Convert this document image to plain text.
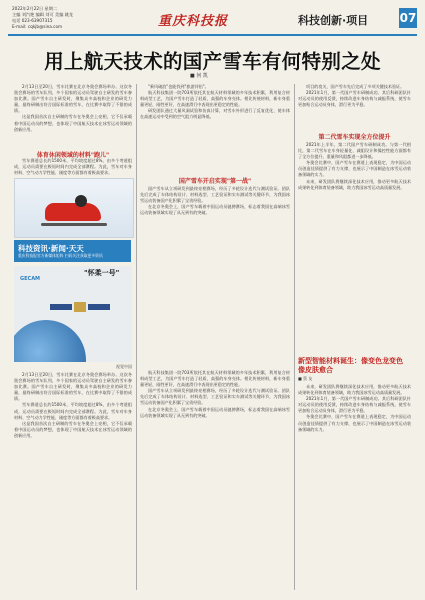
2022年2月22日 星期二
主编 刘汽艳 编辑 刘可 美编 姚龙
电话 023-63907315
E-mail: cqkjb@sina.com	重庆科技报	科技创新·项目	07
用上航天技术的国产雪车有何特别之处
■ 何 凯

2月13日至20日，雪车比赛在北京冬奥会赛场举办。这次冬奥会赛场的雪车队列，多个国家的运动员驾驶自主研发的雪车参加比赛。国产雪车自主研发时，聚集众多高校和企业的研发力量，最终研制出符合国际标准的雪车，在比赛中取得了不错的成绩。

这是我国首次自主研制的雪车在冬奥会上亮相，它不仅承载着中国运动员的梦想，也体现了中国航天技术在冰雪运动领域的创新应用。

体育休闲领域的材料"跑儿"

雪车赛道总长约1500米，平均坡度超过8%，由多个弯道组成，运动员需要在极短时间内完成全部赛程。为此，雪车对车身材料、空气动力学性能、刚度等方面都有着极高要求。

科技资讯·新闻·天天
重庆科技报官方新媒体矩阵 扫码关注获取更多资讯
GECAM
"怀柔一号"
视觉中国

"乘风破浪"也能找到"旅游伴侣"。

航天科技集团一院703所依托其在航天材料领域的多年技术积累，利用复合材料成型工艺，为国产雪车打造了轻质、高强的车身壳体。相比传统材料，新车身重量更轻，刚性更好，在高速滑行中表现出更稳定的性能。

研发团队通过大量风洞试验和仿真计算，对雪车外形进行了反复优化，使车体在高速运动中受到的空气阻力明显降低。

国产雪车开启实现"第一战"

国产雪车从立项研发到最终亮相赛场，经历了多轮设计迭代与测试验证。团队先后完成了车体结构设计、材料选型、工艺验证和实车测试等关键环节，为我国冰雪运动装备国产化积累了宝贵经验。

在北京冬奥会上，国产雪车载着中国运动员驰骋赛场，标志着我国在高端冰雪运动装备领域实现了从无到有的突破。

航天科技集团一院703所依托其在航天材料领域的多年技术积累，利用复合材料成型工艺，为国产雪车打造了轻质、高强的车身壳体。相比传统材料，新车身重量更轻，刚性更好，在高速滑行中表现出更稳定的性能。

国产雪车从立项研发到最终亮相赛场，经历了多轮设计迭代与测试验证。团队先后完成了车体结构设计、材料选型、工艺验证和实车测试等关键环节，为我国冰雪运动装备国产化积累了宝贵经验。

在北京冬奥会上，国产雪车载着中国运动员驰骋赛场，标志着我国在高端冰雪运动装备领域实现了从无到有的突破。

项目的攻关，国产雪车先后完成了多项关键技术验证。

2021年1月，第一代国产雪车研制成功。其后科研团队针对运动员的使用反馈，持续改进车身结构与减振系统，使雪车更加贴合运动员身体，滑行更为平稳。

第二代雪车实现全方位提升

2021年上半年，第二代国产雪车研制成功。与第一代相比，第二代雪车在车身轻量化、减阻设计和操控性能方面都有了全方位提升，重量和风阻都进一步降低。

冬奥会比赛中，国产雪车在赛道上表现稳定，为中国运动员创造佳绩提供了有力支撑，也展示了中国制造在冰雪运动装备领域的实力。

未来，研发团队将继续深化技术应用，推动更多航天技术成果转化到体育装备领域，助力我国冰雪运动高质量发展。

新型智能材料诞生：像变色龙变色 像皮肤愈合
■ 蔡 友

未来，研发团队将继续深化技术应用，推动更多航天技术成果转化到体育装备领域，助力我国冰雪运动高质量发展。

2021年1月，第一代国产雪车研制成功。其后科研团队针对运动员的使用反馈，持续改进车身结构与减振系统，使雪车更加贴合运动员身体，滑行更为平稳。

冬奥会比赛中，国产雪车在赛道上表现稳定，为中国运动员创造佳绩提供了有力支撑，也展示了中国制造在冰雪运动装备领域的实力。

2月13日至20日，雪车比赛在北京冬奥会赛场举办。这次冬奥会赛场的雪车队列，多个国家的运动员驾驶自主研发的雪车参加比赛。国产雪车自主研发时，聚集众多高校和企业的研发力量，最终研制出符合国际标准的雪车，在比赛中取得了不错的成绩。

雪车赛道总长约1500米，平均坡度超过8%，由多个弯道组成，运动员需要在极短时间内完成全部赛程。为此，雪车对车身材料、空气动力学性能、刚度等方面都有着极高要求。

这是我国首次自主研制的雪车在冬奥会上亮相，它不仅承载着中国运动员的梦想，也体现了中国航天技术在冰雪运动领域的创新应用。
